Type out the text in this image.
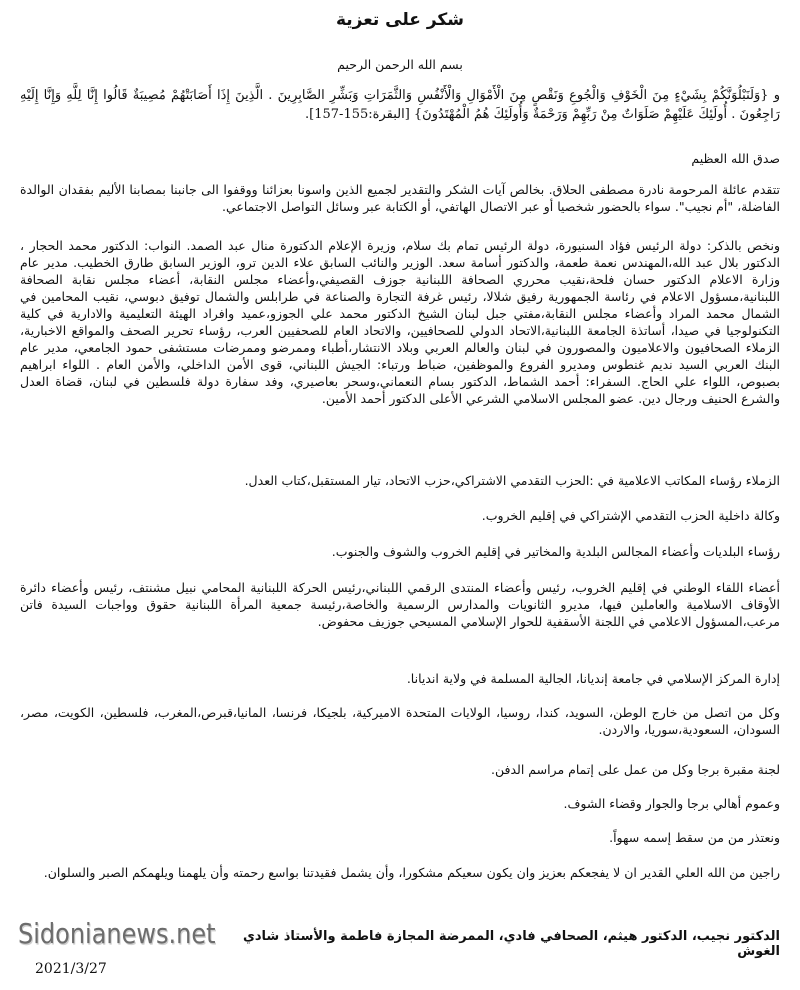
شكر على تعزية
بسم الله الرحمن الرحيم

و {وَلَنَبْلُوَنَّكُمْ بِشَيْءٍ مِنَ الْخَوْفِ وَالْجُوعِ وَنَقْصٍ مِنَ الْأَمْوَالِ وَالْأَنْفُسِ وَالثَّمَرَاتِ وَبَشِّرِ الصَّابِرِينَ . الَّذِينَ إِذَا أَصَابَتْهُمْ مُصِيبَةٌ قَالُوا إِنَّا لِلَّهِ وَإِنَّا إِلَيْهِ رَاجِعُونَ . أُولَئِكَ عَلَيْهِمْ صَلَوَاتٌ مِنْ رَبِّهِمْ وَرَحْمَةٌ وَأُولَئِكَ هُمُ الْمُهْتَدُونَ} [البقرة:155-157].

صدق الله العظيم

تتقدم عائلة المرحومة نادرة مصطفى الحلاق. بخالص آيات الشكر والتقدير لجميع الذين واسونا بعزائنا ووقفوا الى جانبنا بمصابنا الأليم بفقدان الوالدة الفاضلة، "أم نجيب". سواء بالحضور شخصيا أو عبر الاتصال الهاتفي، أو الكتابة عبر وسائل التواصل الاجتماعي.

ونخص بالذكر: دولة الرئيس فؤاد السنيورة، دولة الرئيس تمام بك سلام، وزيرة الإعلام الدكتورة منال عبد الصمد. النواب: الدكتور محمد الحجار ، الدكتور بلال عبد الله،المهندس نعمة طعمة، والدكتور أسامة سعد. الوزير والنائب السابق علاء الدين ترو، الوزير السابق طارق الخطيب. مدير عام وزارة الاعلام الدكتور حسان فلحة،نقيب محرري الصحافة اللبنانية جوزف القصيفي،وأعضاء مجلس النقابة، أعضاء مجلس نقابة الصحافة اللبنانية،مسؤول الاعلام في رئاسة الجمهورية رفيق شلالا، رئيس غرفة التجارة والصناعة في طرابلس والشمال توفيق دبوسي، نقيب المحامين في الشمال محمد المراد وأعضاء مجلس النقابة،مفتي جبل لبنان الشيخ الدكتور محمد علي الجوزو،عميد وافراد الهيئة التعليمية والادارية في كلية التكنولوجيا في صيدا، أساتذة الجامعة اللبنانية،الاتحاد الدولي للصحافيين، والاتحاد العام للصحفيين العرب، رؤساء تحرير الصحف والمواقع الاخبارية، الزملاء الصحافيون والاعلاميون والمصورون في لبنان والعالم العربي وبلاد الانتشار،أطباء وممرضو وممرضات مستشفى حمود الجامعي، مدير عام البنك العربي السيد نديم غنطوس ومديرو الفروع والموظفين، ضباط ورتباء: الجيش اللبناني، قوى الأمن الداخلي، والأمن العام . اللواء ابراهيم بصبوص، اللواء علي الحاج. السفراء: أحمد الشماط، الدكتور بسام النعماني،وسحر بعاصيري، وفد سفارة دولة فلسطين في لبنان، قضاة العدل والشرع الحنيف ورجال دين. عضو المجلس الاسلامي الشرعي الأعلى الدكتور أحمد الأمين.

الزملاء رؤساء المكاتب الاعلامية في :الحزب التقدمي الاشتراكي،حزب الاتحاد، تيار المستقبل،كتاب العدل.

وكالة داخلية الحزب التقدمي الإشتراكي في إقليم الخروب.

رؤساء البلديات وأعضاء المجالس البلدية والمخاتير في إقليم الخروب والشوف والجنوب.

أعضاء اللقاء الوطني في إقليم الخروب، رئيس وأعضاء المنتدى الرقمي اللبناني،رئيس الحركة اللبنانية المحامي نبيل مشنتف، رئيس وأعضاء دائرة الأوقاف الاسلامية والعاملين فيها، مديرو الثانويات والمدارس الرسمية والخاصة،رئيسة جمعية المرأة اللبنانية حقوق وواجبات السيدة فاتن مرعب،المسؤول الاعلامي في اللجنة الأسقفية للحوار الإسلامي المسيحي جوزيف محفوض.

إدارة المركز الإسلامي في جامعة إنديانا، الجالية المسلمة في ولاية انديانا.

وكل من اتصل من خارج الوطن، السويد، كندا، روسيا، الولايات المتحدة الاميركية، بلجيكا، فرنسا، المانيا،قبرص،المغرب، فلسطين، الكويت، مصر، السودان، السعودية،سوريا، والاردن.

لجنة مقبرة برجا وكل من عمل على إتمام مراسم الدفن.

وعموم أهالي برجا والجوار وقضاء الشوف.

ونعتذر من من سقط إسمه سهواً.

راجين من الله العلي القدير ان لا يفجعكم بعزيز وان يكون سعيكم مشكورا، وأن يشمل فقيدتنا بواسع رحمته وأن يلهمنا ويلهمكم الصبر والسلوان.

Sidonianews.net	الدكتور نجيب، الدكتور هيثم، الصحافي فادي، الممرضة المجازة فاطمة والأستاذ شادي الغوش
2021/3/27
